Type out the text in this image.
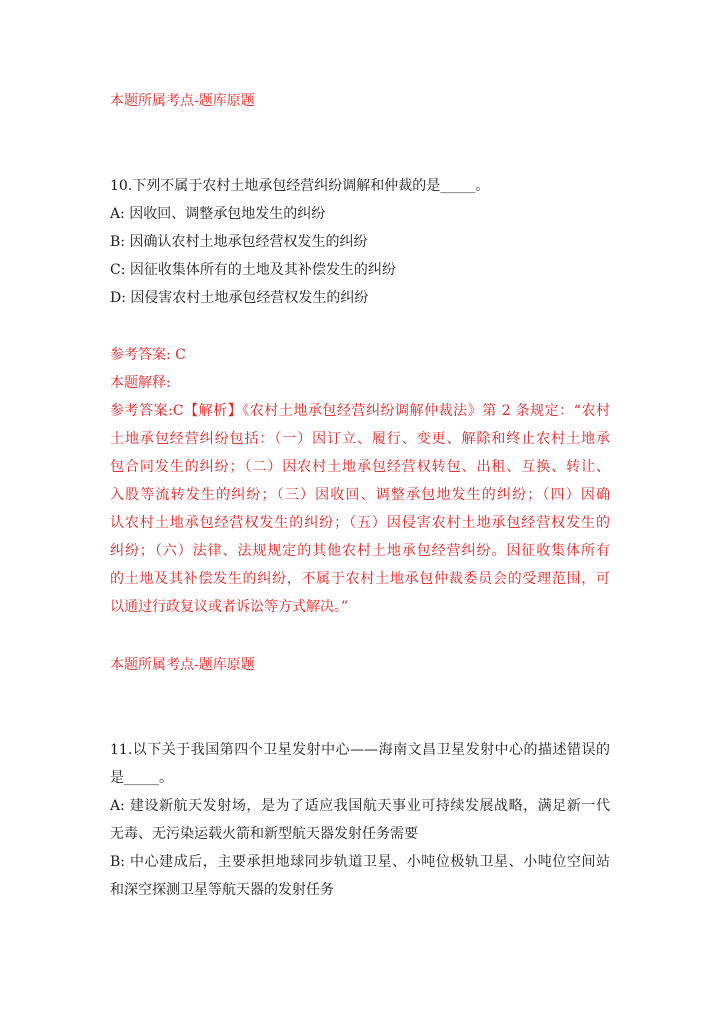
本题所属考点-题库原题
10.下列不属于农村土地承包经营纠纷调解和仲裁的是_____。
A: 因收回、调整承包地发生的纠纷
B: 因确认农村土地承包经营权发生的纠纷
C: 因征收集体所有的土地及其补偿发生的纠纷
D: 因侵害农村土地承包经营权发生的纠纷
参考答案: C
本题解释:
参考答案:C【解析】《农村土地承包经营纠纷调解仲裁法》第 2 条规定：“农村
土地承包经营纠纷包括：（一）因订立、履行、变更、解除和终止农村土地承
包合同发生的纠纷；（二）因农村土地承包经营权转包、出租、互换、转让、
入股等流转发生的纠纷；（三）因收回、调整承包地发生的纠纷；（四）因确
认农村土地承包经营权发生的纠纷；（五）因侵害农村土地承包经营权发生的
纠纷；（六）法律、法规规定的其他农村土地承包经营纠纷。因征收集体所有
的土地及其补偿发生的纠纷，不属于农村土地承包仲裁委员会的受理范围，可
以通过行政复议或者诉讼等方式解决。”
本题所属考点-题库原题
11.以下关于我国第四个卫星发射中心——海南文昌卫星发射中心的描述错误的
是_____。
A: 建设新航天发射场，是为了适应我国航天事业可持续发展战略，满足新一代
无毒、无污染运载火箭和新型航天器发射任务需要
B: 中心建成后，主要承担地球同步轨道卫星、小吨位极轨卫星、小吨位空间站
和深空探测卫星等航天器的发射任务
